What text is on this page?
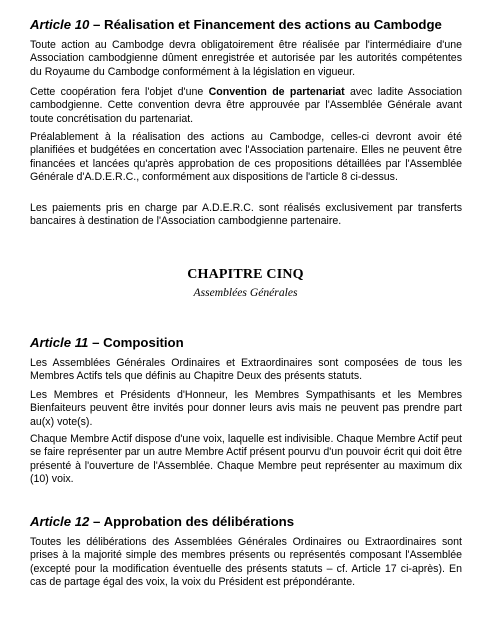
Article 10 – Réalisation et Financement des actions au Cambodge

Toute action au Cambodge devra obligatoirement être réalisée par l'intermédiaire d'une Association cambodgienne dûment enregistrée et autorisée par les autorités compétentes du Royaume du Cambodge conformément à la législation en vigueur.

Cette coopération fera l'objet d'une Convention de partenariat avec ladite Association cambodgienne. Cette convention devra être approuvée par l'Assemblée Générale avant toute concrétisation du partenariat.

Préalablement à la réalisation des actions au Cambodge, celles-ci devront avoir été planifiées et budgétées en concertation avec l'Association partenaire. Elles ne peuvent être financées et lancées qu'après approbation de ces propositions détaillées par l'Assemblée Générale d'A.D.E.R.C., conformément aux dispositions de l'article 8 ci-dessus.

Les paiements pris en charge par A.D.E.R.C. sont réalisés exclusivement par transferts bancaires à destination de l'Association cambodgienne partenaire.

CHAPITRE CINQ
Assemblées Générales
Article 11 – Composition

Les Assemblées Générales Ordinaires et Extraordinaires sont composées de tous les Membres Actifs tels que définis au Chapitre Deux des présents statuts.

Les Membres et Présidents d'Honneur, les Membres Sympathisants et les Membres Bienfaiteurs peuvent être invités pour donner leurs avis mais ne peuvent pas prendre part au(x) vote(s).

Chaque Membre Actif dispose d'une voix, laquelle est indivisible. Chaque Membre Actif peut se faire représenter par un autre Membre Actif présent pourvu d'un pouvoir écrit qui doit être présenté à l'ouverture de l'Assemblée. Chaque Membre peut représenter au maximum dix (10) voix.

Article 12 – Approbation des délibérations

Toutes les délibérations des Assemblées Générales Ordinaires ou Extraordinaires sont prises à la majorité simple des membres présents ou représentés composant l'Assemblée (excepté pour la modification éventuelle des présents statuts – cf. Article 17 ci-après). En cas de partage égal des voix, la voix du Président est prépondérante.
